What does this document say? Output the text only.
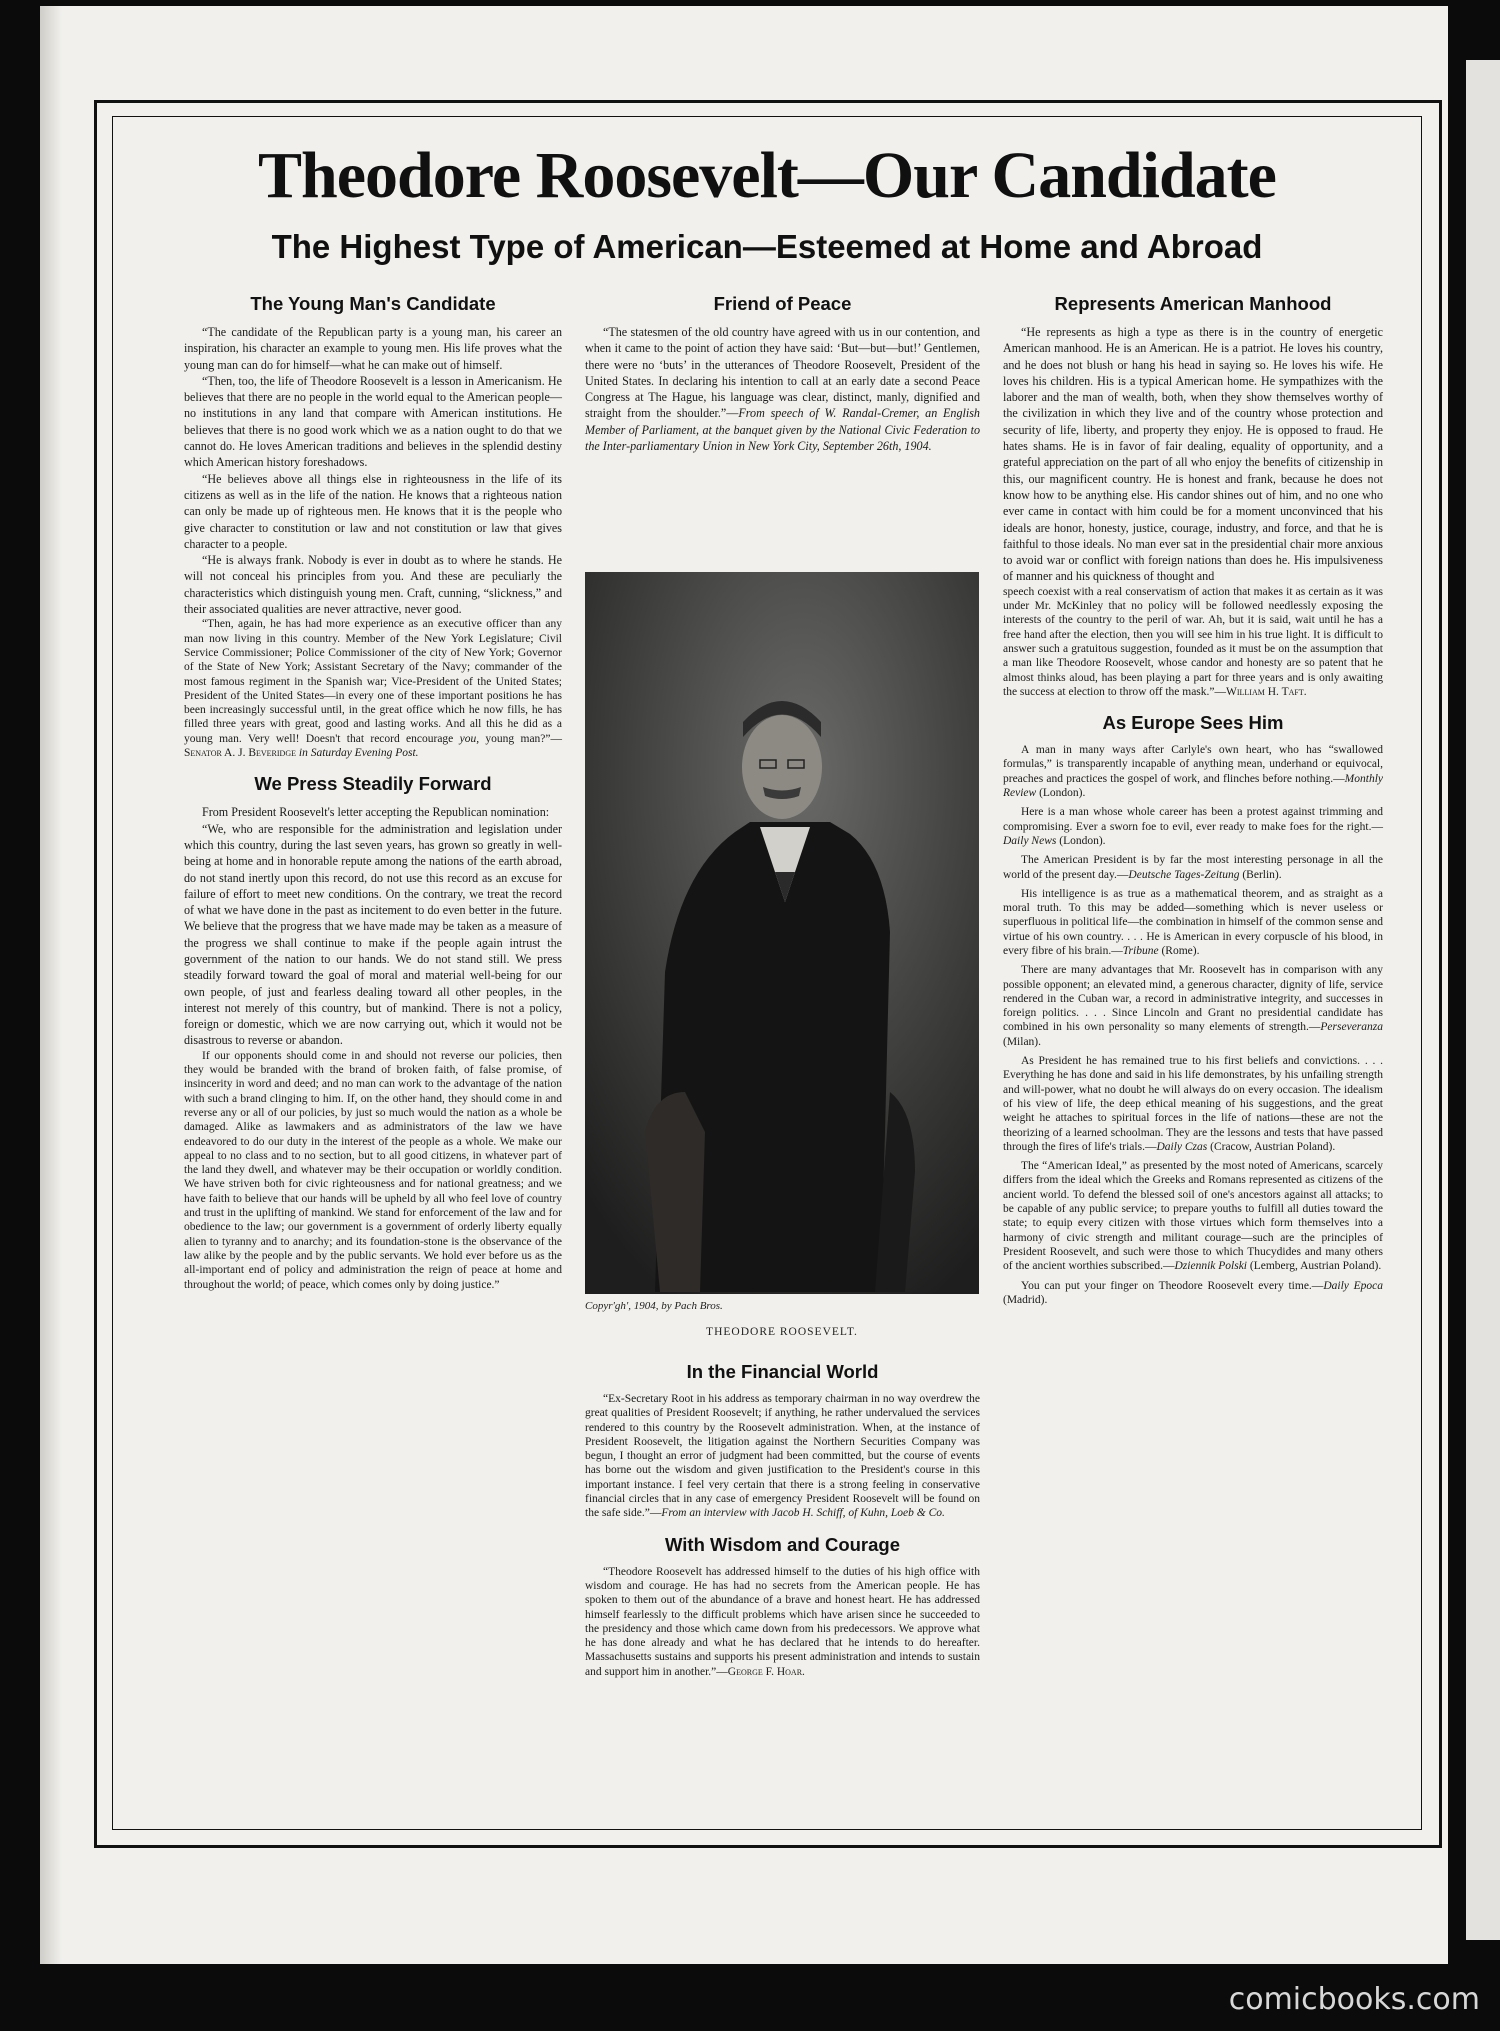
Theodore Roosevelt—Our Candidate
The Highest Type of American—Esteemed at Home and Abroad
The Young Man's Candidate

“The candidate of the Republican party is a young man, his career an inspiration, his character an example to young men. His life proves what the young man can do for himself—what he can make out of himself.

“Then, too, the life of Theodore Roosevelt is a lesson in Americanism. He believes that there are no people in the world equal to the American people—no institutions in any land that compare with American institutions. He believes that there is no good work which we as a nation ought to do that we cannot do. He loves American traditions and believes in the splendid destiny which American history foreshadows.

“He believes above all things else in righteousness in the life of its citizens as well as in the life of the nation. He knows that a righteous nation can only be made up of righteous men. He knows that it is the people who give character to constitution or law and not constitution or law that gives character to a people.

“He is always frank. Nobody is ever in doubt as to where he stands. He will not conceal his principles from you. And these are peculiarly the characteristics which distinguish young men. Craft, cunning, “slickness,” and their associated qualities are never attractive, never good.

“Then, again, he has had more experience as an executive officer than any man now living in this country. Member of the New York Legislature; Civil Service Commissioner; Police Commissioner of the city of New York; Governor of the State of New York; Assistant Secretary of the Navy; commander of the most famous regiment in the Spanish war; Vice-President of the United States; President of the United States—in every one of these important positions he has been increasingly successful until, in the great office which he now fills, he has filled three years with great, good and lasting works. And all this he did as a young man. Very well! Doesn't that record encourage you, young man?”—Senator A. J. Beveridge in Saturday Evening Post.

We Press Steadily Forward

From President Roosevelt's letter accepting the Republican nomination:

“We, who are responsible for the administration and legislation under which this country, during the last seven years, has grown so greatly in well-being at home and in honorable repute among the nations of the earth abroad, do not stand inertly upon this record, do not use this record as an excuse for failure of effort to meet new conditions. On the contrary, we treat the record of what we have done in the past as incitement to do even better in the future. We believe that the progress that we have made may be taken as a measure of the progress we shall continue to make if the people again intrust the government of the nation to our hands. We do not stand still. We press steadily forward toward the goal of moral and material well-being for our own people, of just and fearless dealing toward all other peoples, in the interest not merely of this country, but of mankind. There is not a policy, foreign or domestic, which we are now carrying out, which it would not be disastrous to reverse or abandon.

If our opponents should come in and should not reverse our policies, then they would be branded with the brand of broken faith, of false promise, of insincerity in word and deed; and no man can work to the advantage of the nation with such a brand clinging to him. If, on the other hand, they should come in and reverse any or all of our policies, by just so much would the nation as a whole be damaged. Alike as lawmakers and as administrators of the law we have endeavored to do our duty in the interest of the people as a whole. We make our appeal to no class and to no section, but to all good citizens, in whatever part of the land they dwell, and whatever may be their occupation or worldly condition. We have striven both for civic righteousness and for national greatness; and we have faith to believe that our hands will be upheld by all who feel love of country and trust in the uplifting of mankind. We stand for enforcement of the law and for obedience to the law; our government is a government of orderly liberty equally alien to tyranny and to anarchy; and its foundation-stone is the observance of the law alike by the people and by the public servants. We hold ever before us as the all-important end of policy and administration the reign of peace at home and throughout the world; of peace, which comes only by doing justice.”

Friend of Peace

“The statesmen of the old country have agreed with us in our contention, and when it came to the point of action they have said: ‘But—but—but!’ Gentlemen, there were no ‘buts’ in the utterances of Theodore Roosevelt, President of the United States. In declaring his intention to call at an early date a second Peace Congress at The Hague, his language was clear, distinct, manly, dignified and straight from the shoulder.”—From speech of W. Randal-Cremer, an English Member of Parliament, at the banquet given by the National Civic Federation to the Inter-parliamentary Union in New York City, September 26th, 1904.

Copyr'gh', 1904, by Pach Bros.
THEODORE ROOSEVELT.
In the Financial World

“Ex-Secretary Root in his address as temporary chairman in no way overdrew the great qualities of President Roosevelt; if anything, he rather undervalued the services rendered to this country by the Roosevelt administration. When, at the instance of President Roosevelt, the litigation against the Northern Securities Company was begun, I thought an error of judgment had been committed, but the course of events has borne out the wisdom and given justification to the President's course in this important instance. I feel very certain that there is a strong feeling in conservative financial circles that in any case of emergency President Roosevelt will be found on the safe side.”—From an interview with Jacob H. Schiff, of Kuhn, Loeb & Co.

With Wisdom and Courage

“Theodore Roosevelt has addressed himself to the duties of his high office with wisdom and courage. He has had no secrets from the American people. He has spoken to them out of the abundance of a brave and honest heart. He has addressed himself fearlessly to the difficult problems which have arisen since he succeeded to the presidency and those which came down from his predecessors. We approve what he has done already and what he has declared that he intends to do hereafter. Massachusetts sustains and supports his present administration and intends to sustain and support him in another.”—George F. Hoar.

Represents American Manhood

“He represents as high a type as there is in the country of energetic American manhood. He is an American. He is a patriot. He loves his country, and he does not blush or hang his head in saying so. He loves his wife. He loves his children. His is a typical American home. He sympathizes with the laborer and the man of wealth, both, when they show themselves worthy of the civilization in which they live and of the country whose protection and security of life, liberty, and property they enjoy. He is opposed to fraud. He hates shams. He is in favor of fair dealing, equality of opportunity, and a grateful appreciation on the part of all who enjoy the benefits of citizenship in this, our magnificent country. He is honest and frank, because he does not know how to be anything else. His candor shines out of him, and no one who ever came in contact with him could be for a moment unconvinced that his ideals are honor, honesty, justice, courage, industry, and force, and that he is faithful to those ideals. No man ever sat in the presidential chair more anxious to avoid war or conflict with foreign nations than does he. His impulsiveness of manner and his quickness of thought and

speech coexist with a real conservatism of action that makes it as certain as it was under Mr. McKinley that no policy will be followed needlessly exposing the interests of the country to the peril of war. Ah, but it is said, wait until he has a free hand after the election, then you will see him in his true light. It is difficult to answer such a gratuitous suggestion, founded as it must be on the assumption that a man like Theodore Roosevelt, whose candor and honesty are so patent that he almost thinks aloud, has been playing a part for three years and is only awaiting the success at election to throw off the mask.”—William H. Taft.

As Europe Sees Him

A man in many ways after Carlyle's own heart, who has “swallowed formulas,” is transparently incapable of anything mean, underhand or equivocal, preaches and practices the gospel of work, and flinches before nothing.—Monthly Review (London).

Here is a man whose whole career has been a protest against trimming and compromising. Ever a sworn foe to evil, ever ready to make foes for the right.—Daily News (London).

The American President is by far the most interesting personage in all the world of the present day.—Deutsche Tages-Zeitung (Berlin).

His intelligence is as true as a mathematical theorem, and as straight as a moral truth. To this may be added—something which is never useless or superfluous in political life—the combination in himself of the common sense and virtue of his own country. . . . He is American in every corpuscle of his blood, in every fibre of his brain.—Tribune (Rome).

There are many advantages that Mr. Roosevelt has in comparison with any possible opponent; an elevated mind, a generous character, dignity of life, service rendered in the Cuban war, a record in administrative integrity, and successes in foreign politics. . . . Since Lincoln and Grant no presidential candidate has combined in his own personality so many elements of strength.—Perseveranza (Milan).

As President he has remained true to his first beliefs and convictions. . . . Everything he has done and said in his life demonstrates, by his unfailing strength and will-power, what no doubt he will always do on every occasion. The idealism of his view of life, the deep ethical meaning of his suggestions, and the great weight he attaches to spiritual forces in the life of nations—these are not the theorizing of a learned schoolman. They are the lessons and tests that have passed through the fires of life's trials.—Daily Czas (Cracow, Austrian Poland).

The “American Ideal,” as presented by the most noted of Americans, scarcely differs from the ideal which the Greeks and Romans represented as citizens of the ancient world. To defend the blessed soil of one's ancestors against all attacks; to be capable of any public service; to prepare youths to fulfill all duties toward the state; to equip every citizen with those virtues which form themselves into a harmony of civic strength and militant courage—such are the principles of President Roosevelt, and such were those to which Thucydides and many others of the ancient worthies subscribed.—Dziennik Polski (Lemberg, Austrian Poland).

You can put your finger on Theodore Roosevelt every time.—Daily Epoca (Madrid).

comicbooks.com
